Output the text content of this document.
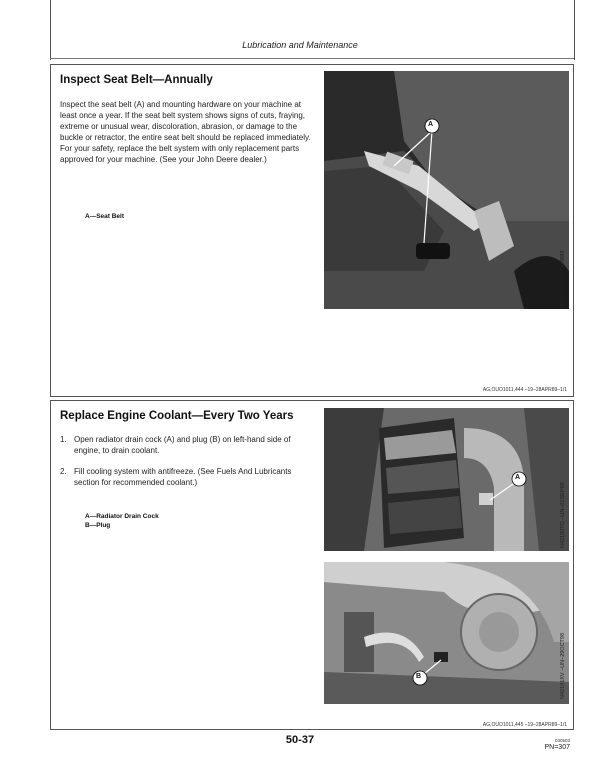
Lubrication and Maintenance
Inspect Seat Belt—Annually
Inspect the seat belt (A) and mounting hardware on your machine at least once a year. If the seat belt system shows signs of cuts, fraying, extreme or unusual wear, discoloration, abrasion, or damage to the buckle or retractor, the entire seat belt should be replaced immediately. For your safety, replace the belt system with only replacement parts approved for your machine. (See your John Deere dealer.)
A—Seat Belt
A
N50239 –UN–25APR89
AG,OUO1011,444 –19–28APR89–1/1
Replace Engine Coolant—Every Two Years
1. Open radiator drain cock (A) and plug (B) on left-hand side of engine, to drain coolant.
2. Fill cooling system with antifreeze. (See Fuels And Lubricants section for recommended coolant.)
A—Radiator Drain Cock
B—Plug
A
N42190TO –UN–01SEP98
B	N42191XV –UN–29OCT98
AG,OUO1011,445 –19–28APR89–1/1
50-37	030503
PN=307
